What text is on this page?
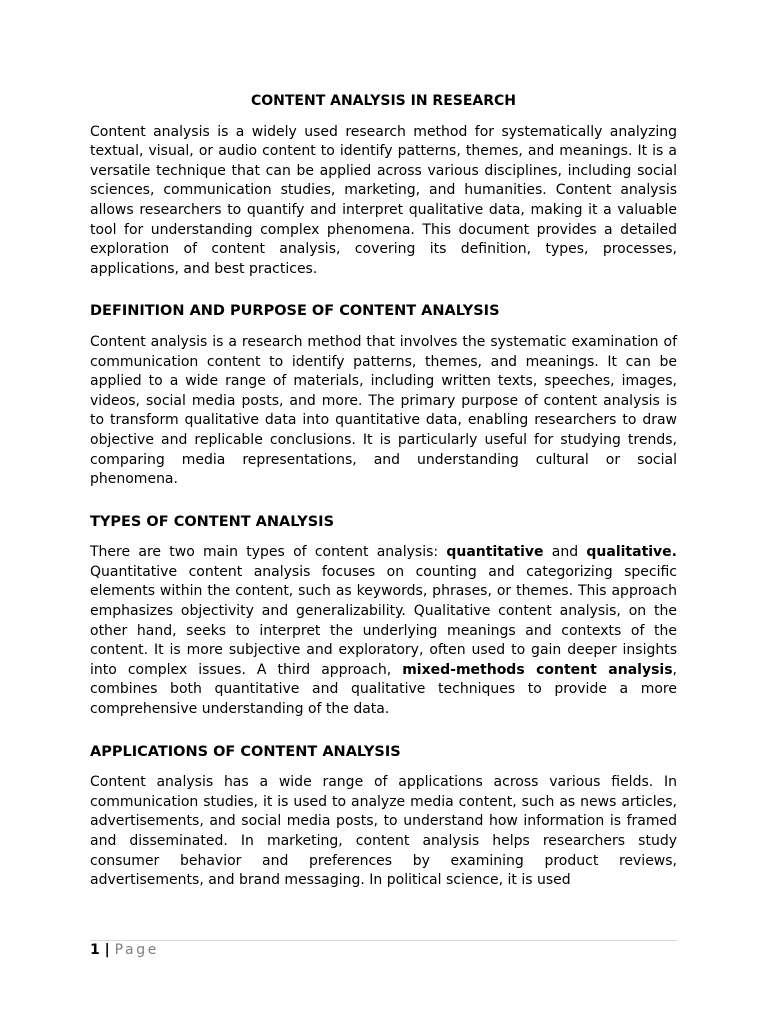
CONTENT ANALYSIS IN RESEARCH

Content analysis is a widely used research method for systematically analyzing textual, visual, or audio content to identify patterns, themes, and meanings. It is a versatile technique that can be applied across various disciplines, including social sciences, communication studies, marketing, and humanities. Content analysis allows researchers to quantify and interpret qualitative data, making it a valuable tool for understanding complex phenomena. This document provides a detailed exploration of content analysis, covering its definition, types, processes, applications, and best practices.

DEFINITION AND PURPOSE OF CONTENT ANALYSIS

Content analysis is a research method that involves the systematic examination of communication content to identify patterns, themes, and meanings. It can be applied to a wide range of materials, including written texts, speeches, images, videos, social media posts, and more. The primary purpose of content analysis is to transform qualitative data into quantitative data, enabling researchers to draw objective and replicable conclusions. It is particularly useful for studying trends, comparing media representations, and understanding cultural or social phenomena.

TYPES OF CONTENT ANALYSIS

There are two main types of content analysis: quantitative and qualitative. Quantitative content analysis focuses on counting and categorizing specific elements within the content, such as keywords, phrases, or themes. This approach emphasizes objectivity and generalizability. Qualitative content analysis, on the other hand, seeks to interpret the underlying meanings and contexts of the content. It is more subjective and exploratory, often used to gain deeper insights into complex issues. A third approach, mixed-methods content analysis, combines both quantitative and qualitative techniques to provide a more comprehensive understanding of the data.

APPLICATIONS OF CONTENT ANALYSIS

Content analysis has a wide range of applications across various fields. In communication studies, it is used to analyze media content, such as news articles, advertisements, and social media posts, to understand how information is framed and disseminated. In marketing, content analysis helps researchers study consumer behavior and preferences by examining product reviews, advertisements, and brand messaging. In political science, it is used

1 | Page
